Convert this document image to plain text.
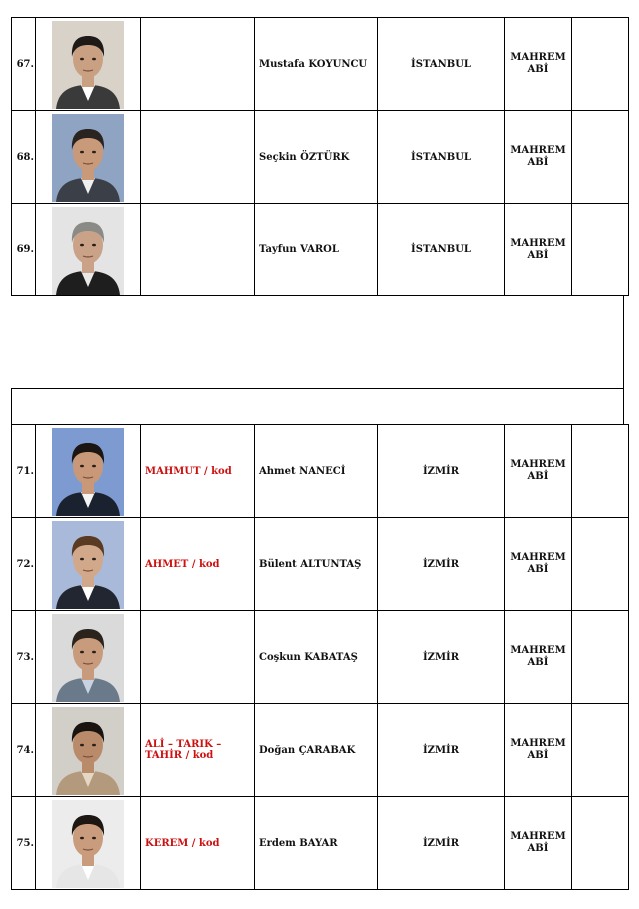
67.			Mustafa KOYUNCU	İSTANBUL	MAHREM
ABİ	

68.			Seçkin ÖZTÜRK	İSTANBUL	MAHREM
ABİ	

69.			Tayfun VAROL	İSTANBUL	MAHREM
ABİ	

71.		MAHMUT / kod	Ahmet NANECİ	İZMİR	MAHREM
ABİ	

72.		AHMET / kod	Bülent ALTUNTAŞ	İZMİR	MAHREM
ABİ	

73.			Coşkun KABATAŞ	İZMİR	MAHREM
ABİ	

74.		ALİ – TARIK – TAHİR / kod	Doğan ÇARABAK	İZMİR	MAHREM
ABİ	

75.		KEREM / kod	Erdem BAYAR	İZMİR	MAHREM
ABİ	
